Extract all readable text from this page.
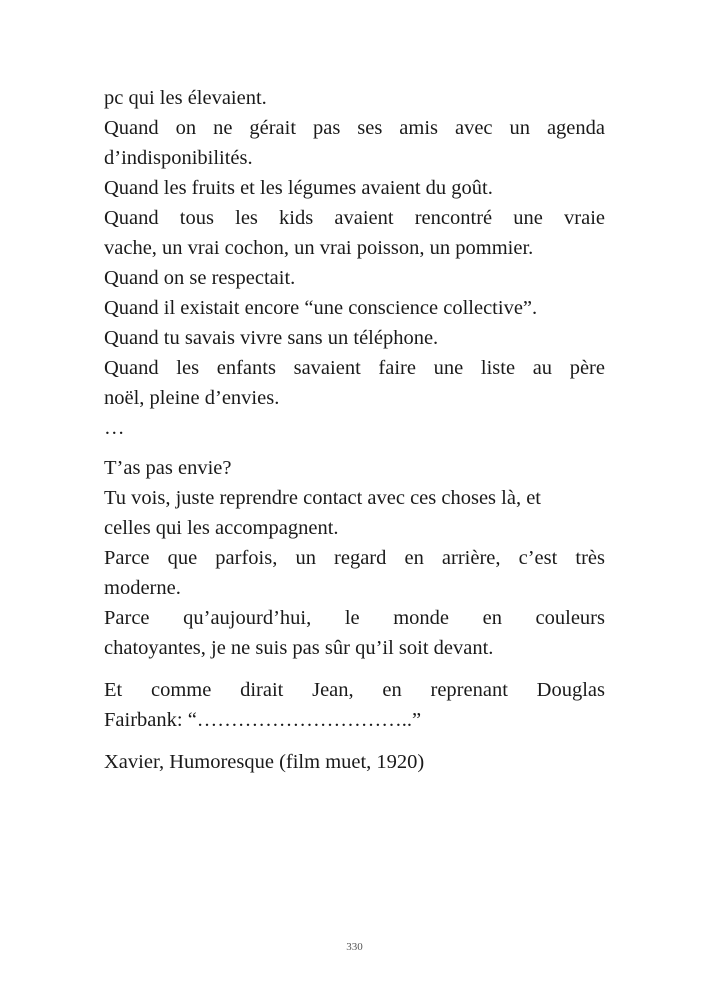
pc qui les élevaient.
Quand on ne gérait pas ses amis avec un agenda
d’indisponibilités.
Quand les fruits et les légumes avaient du goût.
Quand tous les kids avaient rencontré une vraie
vache, un vrai cochon, un vrai poisson, un pommier.
Quand on se respectait.
Quand il existait encore “une conscience collective”.
Quand tu savais vivre sans un téléphone.
Quand les enfants savaient faire une liste au père
noël, pleine d’envies.
…
T’as pas envie?
Tu vois, juste reprendre contact avec ces choses là, et
celles qui les accompagnent.
Parce que parfois, un regard en arrière, c’est très
moderne.
Parce qu’aujourd’hui, le monde en couleurs
chatoyantes, je ne suis pas sûr qu’il soit devant.
Et comme dirait Jean, en reprenant Douglas
Fairbank: “…………………………..”
Xavier, Humoresque (film muet, 1920)
330
